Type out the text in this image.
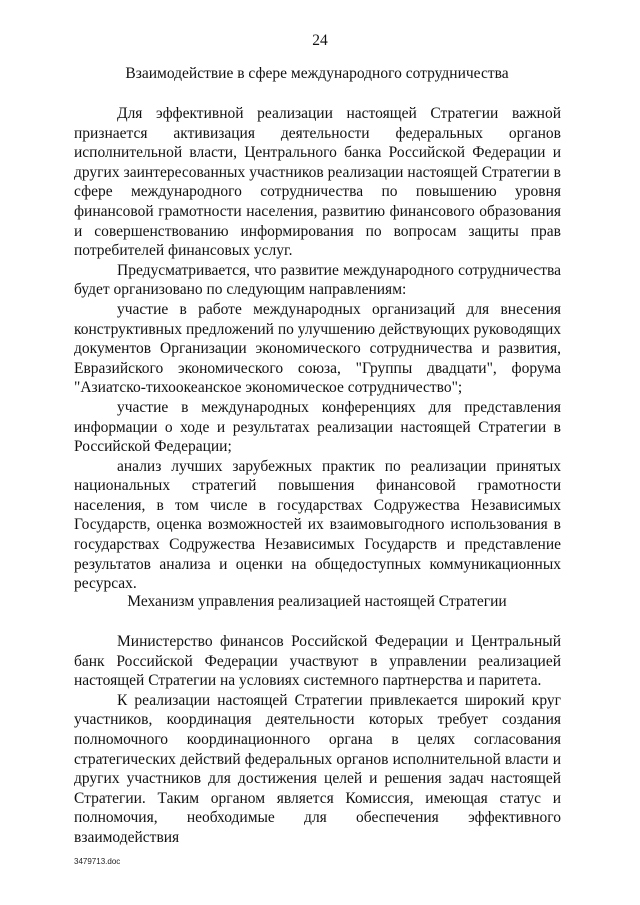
24
Взаимодействие в сфере международного сотрудничества

Для эффективной реализации настоящей Стратегии важной признается активизация деятельности федеральных органов исполнительной власти, Центрального банка Российской Федерации и других заинтересованных участников реализации настоящей Стратегии в сфере международного сотрудничества по повышению уровня финансовой грамотности населения, развитию финансового образования и совершенствованию информирования по вопросам защиты прав потребителей финансовых услуг.

Предусматривается, что развитие международного сотрудничества будет организовано по следующим направлениям:

участие в работе международных организаций для внесения конструктивных предложений по улучшению действующих руководящих документов Организации экономического сотрудничества и развития, Евразийского экономического союза, "Группы двадцати", форума "Азиатско-тихоокеанское экономическое сотрудничество";

участие в международных конференциях для представления информации о ходе и результатах реализации настоящей Стратегии в Российской Федерации;

анализ лучших зарубежных практик по реализации принятых национальных стратегий повышения финансовой грамотности населения, в том числе в государствах Содружества Независимых Государств, оценка возможностей их взаимовыгодного использования в государствах Содружества Независимых Государств и представление результатов анализа и оценки на общедоступных коммуникационных ресурсах.

Механизм управления реализацией настоящей Стратегии

Министерство финансов Российской Федерации и Центральный банк Российской Федерации участвуют в управлении реализацией настоящей Стратегии на условиях системного партнерства и паритета.

К реализации настоящей Стратегии привлекается широкий круг участников, координация деятельности которых требует создания полномочного координационного органа в целях согласования стратегических действий федеральных органов исполнительной власти и других участников для достижения целей и решения задач настоящей Стратегии. Таким органом является Комиссия, имеющая статус и полномочия, необходимые для обеспечения эффективного взаимодействия

3479713.doc
